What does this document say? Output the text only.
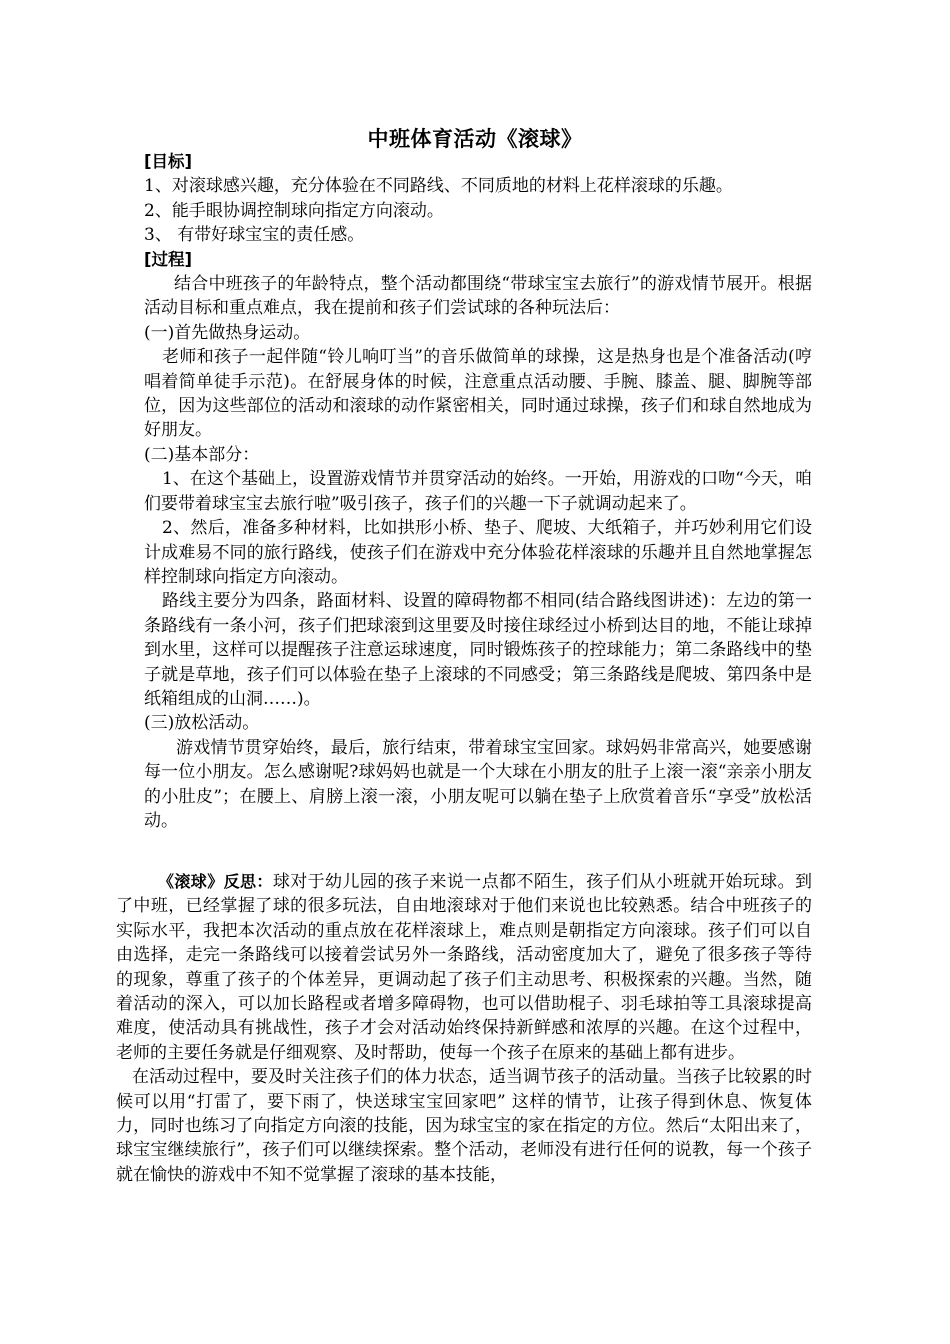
中班体育活动《滚球》
[目标]
1、对滚球感兴趣，充分体验在不同路线、不同质地的材料上花样滚球的乐趣。
2、能手眼协调控制球向指定方向滚动。
3、 有带好球宝宝的责任感。
[过程]
结合中班孩子的年龄特点，整个活动都围绕“带球宝宝去旅行”的游戏情节展开。根据活动目标和重点难点，我在提前和孩子们尝试球的各种玩法后：
(一)首先做热身运动。
老师和孩子一起伴随“铃儿响叮当”的音乐做简单的球操，这是热身也是个准备活动(哼唱着简单徒手示范)。在舒展身体的时候，注意重点活动腰、手腕、膝盖、腿、脚腕等部位，因为这些部位的活动和滚球的动作紧密相关，同时通过球操，孩子们和球自然地成为好朋友。
(二)基本部分：
1、在这个基础上，设置游戏情节并贯穿活动的始终。一开始，用游戏的口吻“今天，咱们要带着球宝宝去旅行啦”吸引孩子，孩子们的兴趣一下子就调动起来了。
2、然后，准备多种材料，比如拱形小桥、垫子、爬坡、大纸箱子，并巧妙利用它们设计成难易不同的旅行路线，使孩子们在游戏中充分体验花样滚球的乐趣并且自然地掌握怎样控制球向指定方向滚动。
路线主要分为四条，路面材料、设置的障碍物都不相同(结合路线图讲述)：左边的第一条路线有一条小河，孩子们把球滚到这里要及时接住球经过小桥到达目的地，不能让球掉到水里，这样可以提醒孩子注意运球速度，同时锻炼孩子的控球能力；第二条路线中的垫子就是草地，孩子们可以体验在垫子上滚球的不同感受；第三条路线是爬坡、第四条中是纸箱组成的山洞……)。
(三)放松活动。
游戏情节贯穿始终，最后，旅行结束，带着球宝宝回家。球妈妈非常高兴，她要感谢每一位小朋友。怎么感谢呢?球妈妈也就是一个大球在小朋友的肚子上滚一滚“亲亲小朋友的小肚皮”；在腰上、肩膀上滚一滚，小朋友呢可以躺在垫子上欣赏着音乐“享受”放松活动。
《滚球》反思：球对于幼儿园的孩子来说一点都不陌生，孩子们从小班就开始玩球。到了中班，已经掌握了球的很多玩法，自由地滚球对于他们来说也比较熟悉。结合中班孩子的实际水平，我把本次活动的重点放在花样滚球上，难点则是朝指定方向滚球。孩子们可以自由选择，走完一条路线可以接着尝试另外一条路线，活动密度加大了，避免了很多孩子等待的现象，尊重了孩子的个体差异，更调动起了孩子们主动思考、积极探索的兴趣。当然，随着活动的深入，可以加长路程或者增多障碍物，也可以借助棍子、羽毛球拍等工具滚球提高难度，使活动具有挑战性，孩子才会对活动始终保持新鲜感和浓厚的兴趣。在这个过程中，老师的主要任务就是仔细观察、及时帮助，使每一个孩子在原来的基础上都有进步。
在活动过程中，要及时关注孩子们的体力状态，适当调节孩子的活动量。当孩子比较累的时候可以用“打雷了，要下雨了，快送球宝宝回家吧” 这样的情节，让孩子得到休息、恢复体力，同时也练习了向指定方向滚的技能，因为球宝宝的家在指定的方位。然后“太阳出来了，球宝宝继续旅行”，孩子们可以继续探索。整个活动，老师没有进行任何的说教，每一个孩子就在愉快的游戏中不知不觉掌握了滚球的基本技能，
